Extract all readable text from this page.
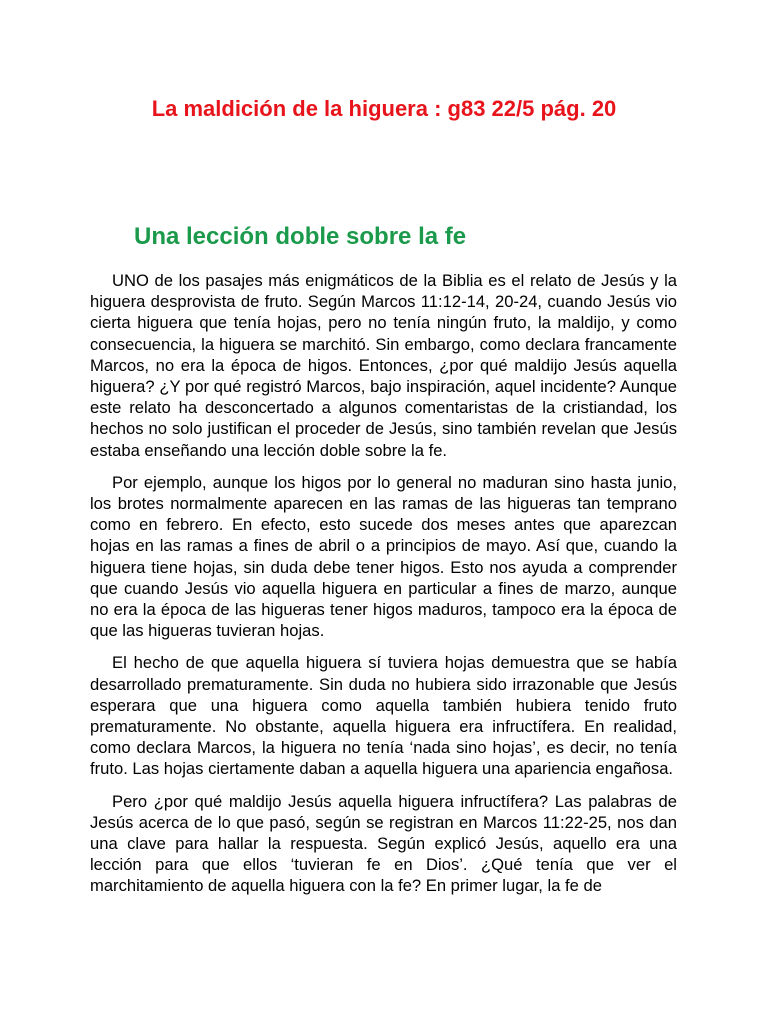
La maldición de la higuera : g83 22/5 pág. 20
Una lección doble sobre la fe

UNO de los pasajes más enigmáticos de la Biblia es el relato de Jesús y la higuera desprovista de fruto. Según Marcos 11:12-14, 20-24, cuando Jesús vio cierta higuera que tenía hojas, pero no tenía ningún fruto, la maldijo, y como consecuencia, la higuera se marchitó. Sin embargo, como declara francamente Marcos, no era la época de higos. Entonces, ¿por qué maldijo Jesús aquella higuera? ¿Y por qué registró Marcos, bajo inspiración, aquel incidente? Aunque este relato ha desconcertado a algunos comentaristas de la cristiandad, los hechos no solo justifican el proceder de Jesús, sino también revelan que Jesús estaba enseñando una lección doble sobre la fe.

Por ejemplo, aunque los higos por lo general no maduran sino hasta junio, los brotes normalmente aparecen en las ramas de las higueras tan temprano como en febrero. En efecto, esto sucede dos meses antes que aparezcan hojas en las ramas a fines de abril o a principios de mayo. Así que, cuando la higuera tiene hojas, sin duda debe tener higos. Esto nos ayuda a comprender que cuando Jesús vio aquella higuera en particular a fines de marzo, aunque no era la época de las higueras tener higos maduros, tampoco era la época de que las higueras tuvieran hojas.

El hecho de que aquella higuera sí tuviera hojas demuestra que se había desarrollado prematuramente. Sin duda no hubiera sido irrazonable que Jesús esperara que una higuera como aquella también hubiera tenido fruto prematuramente. No obstante, aquella higuera era infructífera. En realidad, como declara Marcos, la higuera no tenía ‘nada sino hojas’, es decir, no tenía fruto. Las hojas ciertamente daban a aquella higuera una apariencia engañosa.

Pero ¿por qué maldijo Jesús aquella higuera infructífera? Las palabras de Jesús acerca de lo que pasó, según se registran en Marcos 11:22-25, nos dan una clave para hallar la respuesta. Según explicó Jesús, aquello era una lección para que ellos ‘tuvieran fe en Dios’. ¿Qué tenía que ver el marchitamiento de aquella higuera con la fe? En primer lugar, la fe de
